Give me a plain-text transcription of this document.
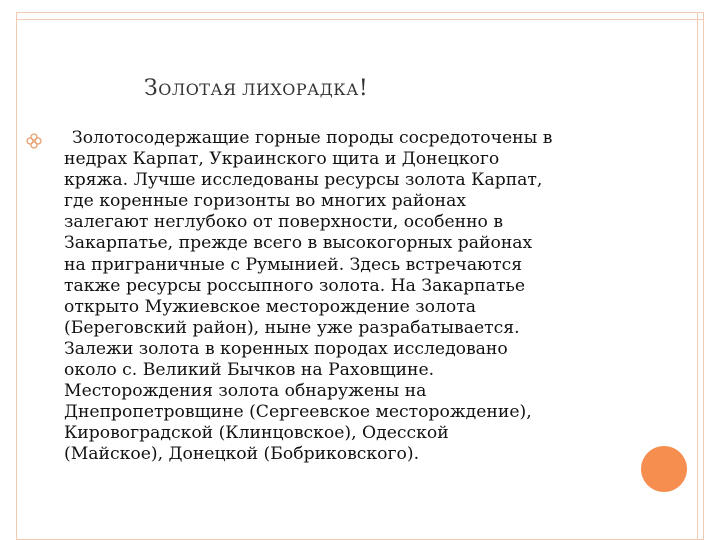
ЗОЛОТАЯ ЛИХОРАДКА!
Золотосодержащие горные породы сосредоточены в
недрах Карпат, Украинского щита и Донецкого
кряжа. Лучше исследованы ресурсы золота Карпат,
где коренные горизонты во многих районах
залегают неглубоко от поверхности, особенно в
Закарпатье, прежде всего в высокогорных районах
на приграничные с Румынией. Здесь встречаются
также ресурсы россыпного золота. На Закарпатье
открыто Мужиевское месторождение золота
(Береговский район), ныне уже разрабатывается.
Залежи золота в коренных породах исследовано
около с. Великий Бычков на Раховщине.
Месторождения золота обнаружены на
Днепропетровщине (Сергеевское месторождение),
Кировоградской (Клинцовское), Одесской
(Майское), Донецкой (Бобриковского).
